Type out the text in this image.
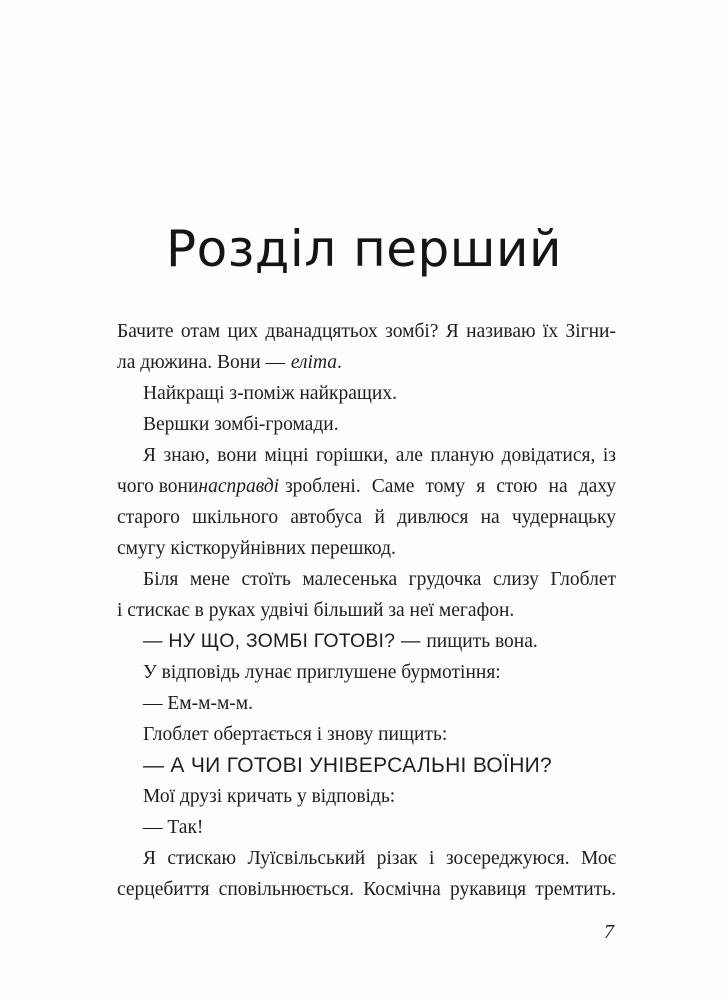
Розділ перший
Бачите отам цих дванадцятьох зомбі? Я називаю їх Зігни-
ла дюжина. Вони — еліта .
Найкращі з-поміж найкращих.
Вершки зомбі-громади.
Я знаю, вони міцні горішки, але планую довідатися, із
чого вони насправді зроблені. Саме тому я стою на даху
старого шкільного автобуса й дивлюся на чудернацьку
смугу кісткоруйнівних перешкод.
Біля мене стоїть малесенька грудочка слизу Глоблет
і стискає в руках удвічі більший за неї мегафон.
— НУ ЩО, ЗОМБІ ГОТОВІ? — пищить вона.
У відповідь лунає приглушене бурмотіння:
— Ем-м-м-м.
Глоблет обертається і знову пищить:
— А ЧИ ГОТОВІ УНІВЕРСАЛЬНІ ВОЇНИ?
Мої друзі кричать у відповідь:
— Так!
Я стискаю Луїсвільський різак і зосереджуюся. Моє
серцебиття сповільнюється. Космічна рукавиця тремтить.
7
